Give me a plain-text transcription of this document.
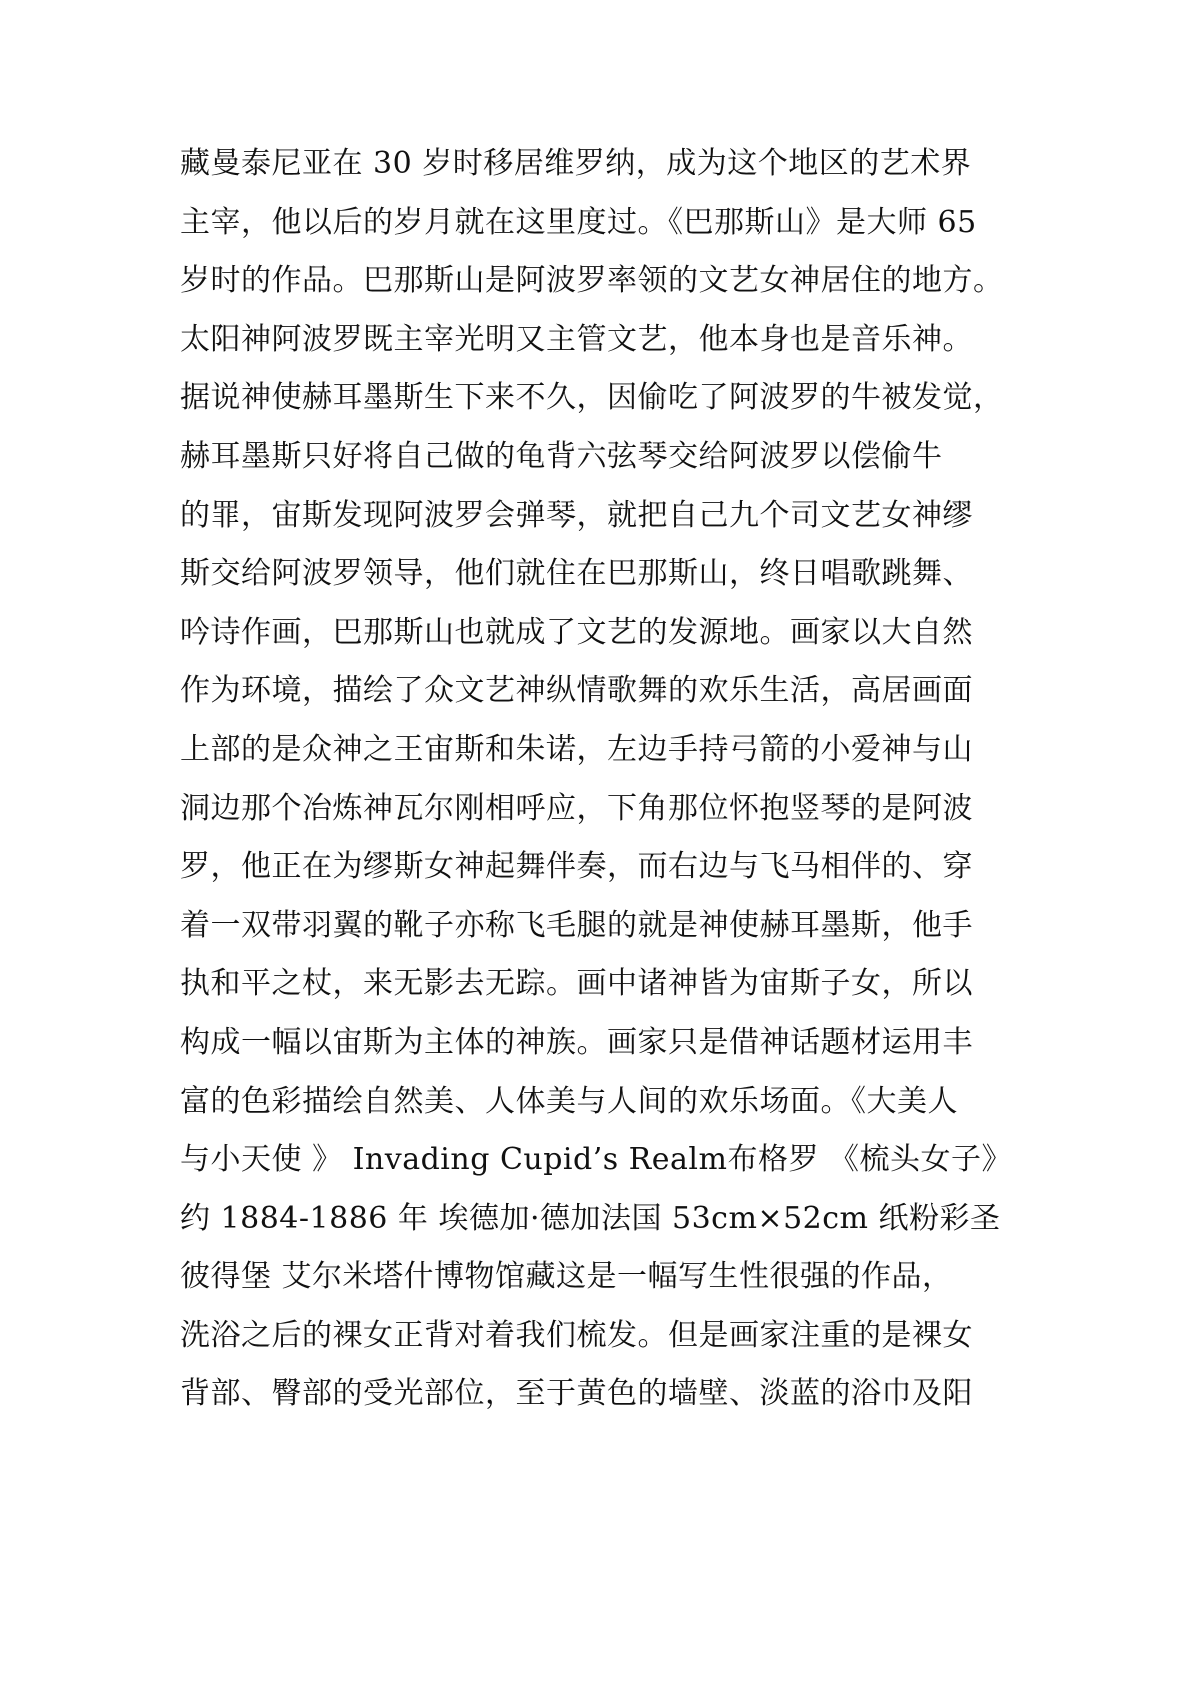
藏曼泰尼亚在 30 岁时移居维罗纳，成为这个地区的艺术界
主宰，他以后的岁月就在这里度过。《巴那斯山》是大师 65
岁时的作品。巴那斯山是阿波罗率领的文艺女神居住的地方。
太阳神阿波罗既主宰光明又主管文艺，他本身也是音乐神。
据说神使赫耳墨斯生下来不久，因偷吃了阿波罗的牛被发觉，
赫耳墨斯只好将自己做的龟背六弦琴交给阿波罗以偿偷牛
的罪，宙斯发现阿波罗会弹琴，就把自己九个司文艺女神缪
斯交给阿波罗领导，他们就住在巴那斯山，终日唱歌跳舞、
吟诗作画，巴那斯山也就成了文艺的发源地。画家以大自然
作为环境，描绘了众文艺神纵情歌舞的欢乐生活，高居画面
上部的是众神之王宙斯和朱诺，左边手持弓箭的小爱神与山
洞边那个冶炼神瓦尔刚相呼应，下角那位怀抱竖琴的是阿波
罗，他正在为缪斯女神起舞伴奏，而右边与飞马相伴的、穿
着一双带羽翼的靴子亦称飞毛腿的就是神使赫耳墨斯，他手
执和平之杖，来无影去无踪。画中诸神皆为宙斯子女，所以
构成一幅以宙斯为主体的神族。画家只是借神话题材运用丰
富的色彩描绘自然美、人体美与人间的欢乐场面。《大美人
与小天使 》 Invading Cupid’s Realm布格罗 《梳头女子》
约 1884-1886 年 埃德加·德加法国 53cm×52cm 纸粉彩圣
彼得堡 艾尔米塔什博物馆藏这是一幅写生性很强的作品，
洗浴之后的裸女正背对着我们梳发。但是画家注重的是裸女
背部、臀部的受光部位，至于黄色的墙壁、淡蓝的浴巾及阳
